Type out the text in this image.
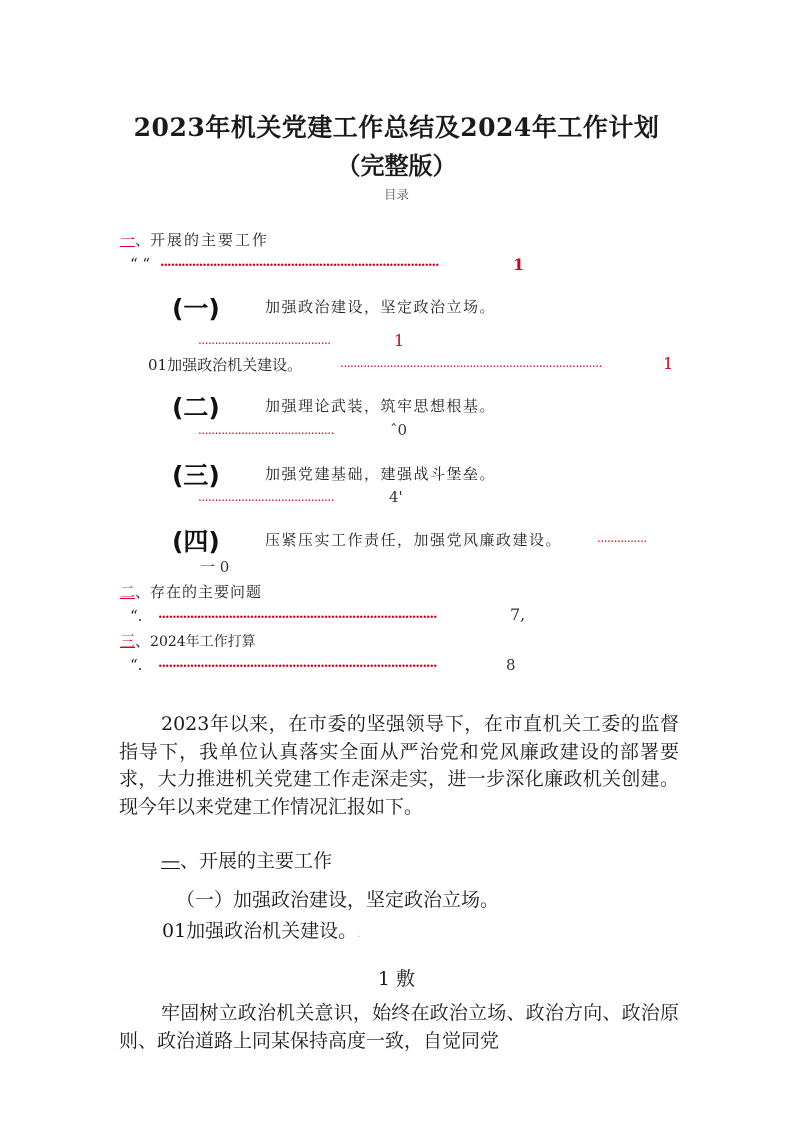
2023年机关党建工作总结及2024年工作计划
（完整版）
目录
一、开展的主要工作
“ “ ...............................................................................	1
(一)	加强政治建设，坚定政治立场。
........................................	1
01加强政治机关建设。	...............................................................................	1
(二)	加强理论武装，筑牢思想根基。
.........................................	ˆ0
(三)	加强党建基础，建强战斗堡垒。
.........................................	4'
(四)	压紧压实工作责任，加强党风廉政建设。	...............
一 0
二、存在的主要问题
“. ...............................................................................	7,
三、2024年工作打算
“. ...............................................................................	8
2023年以来，在市委的坚强领导下，在市直机关工委的监督指导下，我单位认真落实全面从严治党和党风廉政建设的部署要求，大力推进机关党建工作走深走实，进一步深化廉政机关创建。现今年以来党建工作情况汇报如下。
—、开展的主要工作
（一）加强政治建设，坚定政治立场。
01加强政治机关建设。.
1 敷
牢固树立政治机关意识，始终在政治立场、政治方向、政治原则、政治道路上同某保持高度一致，自觉同党
